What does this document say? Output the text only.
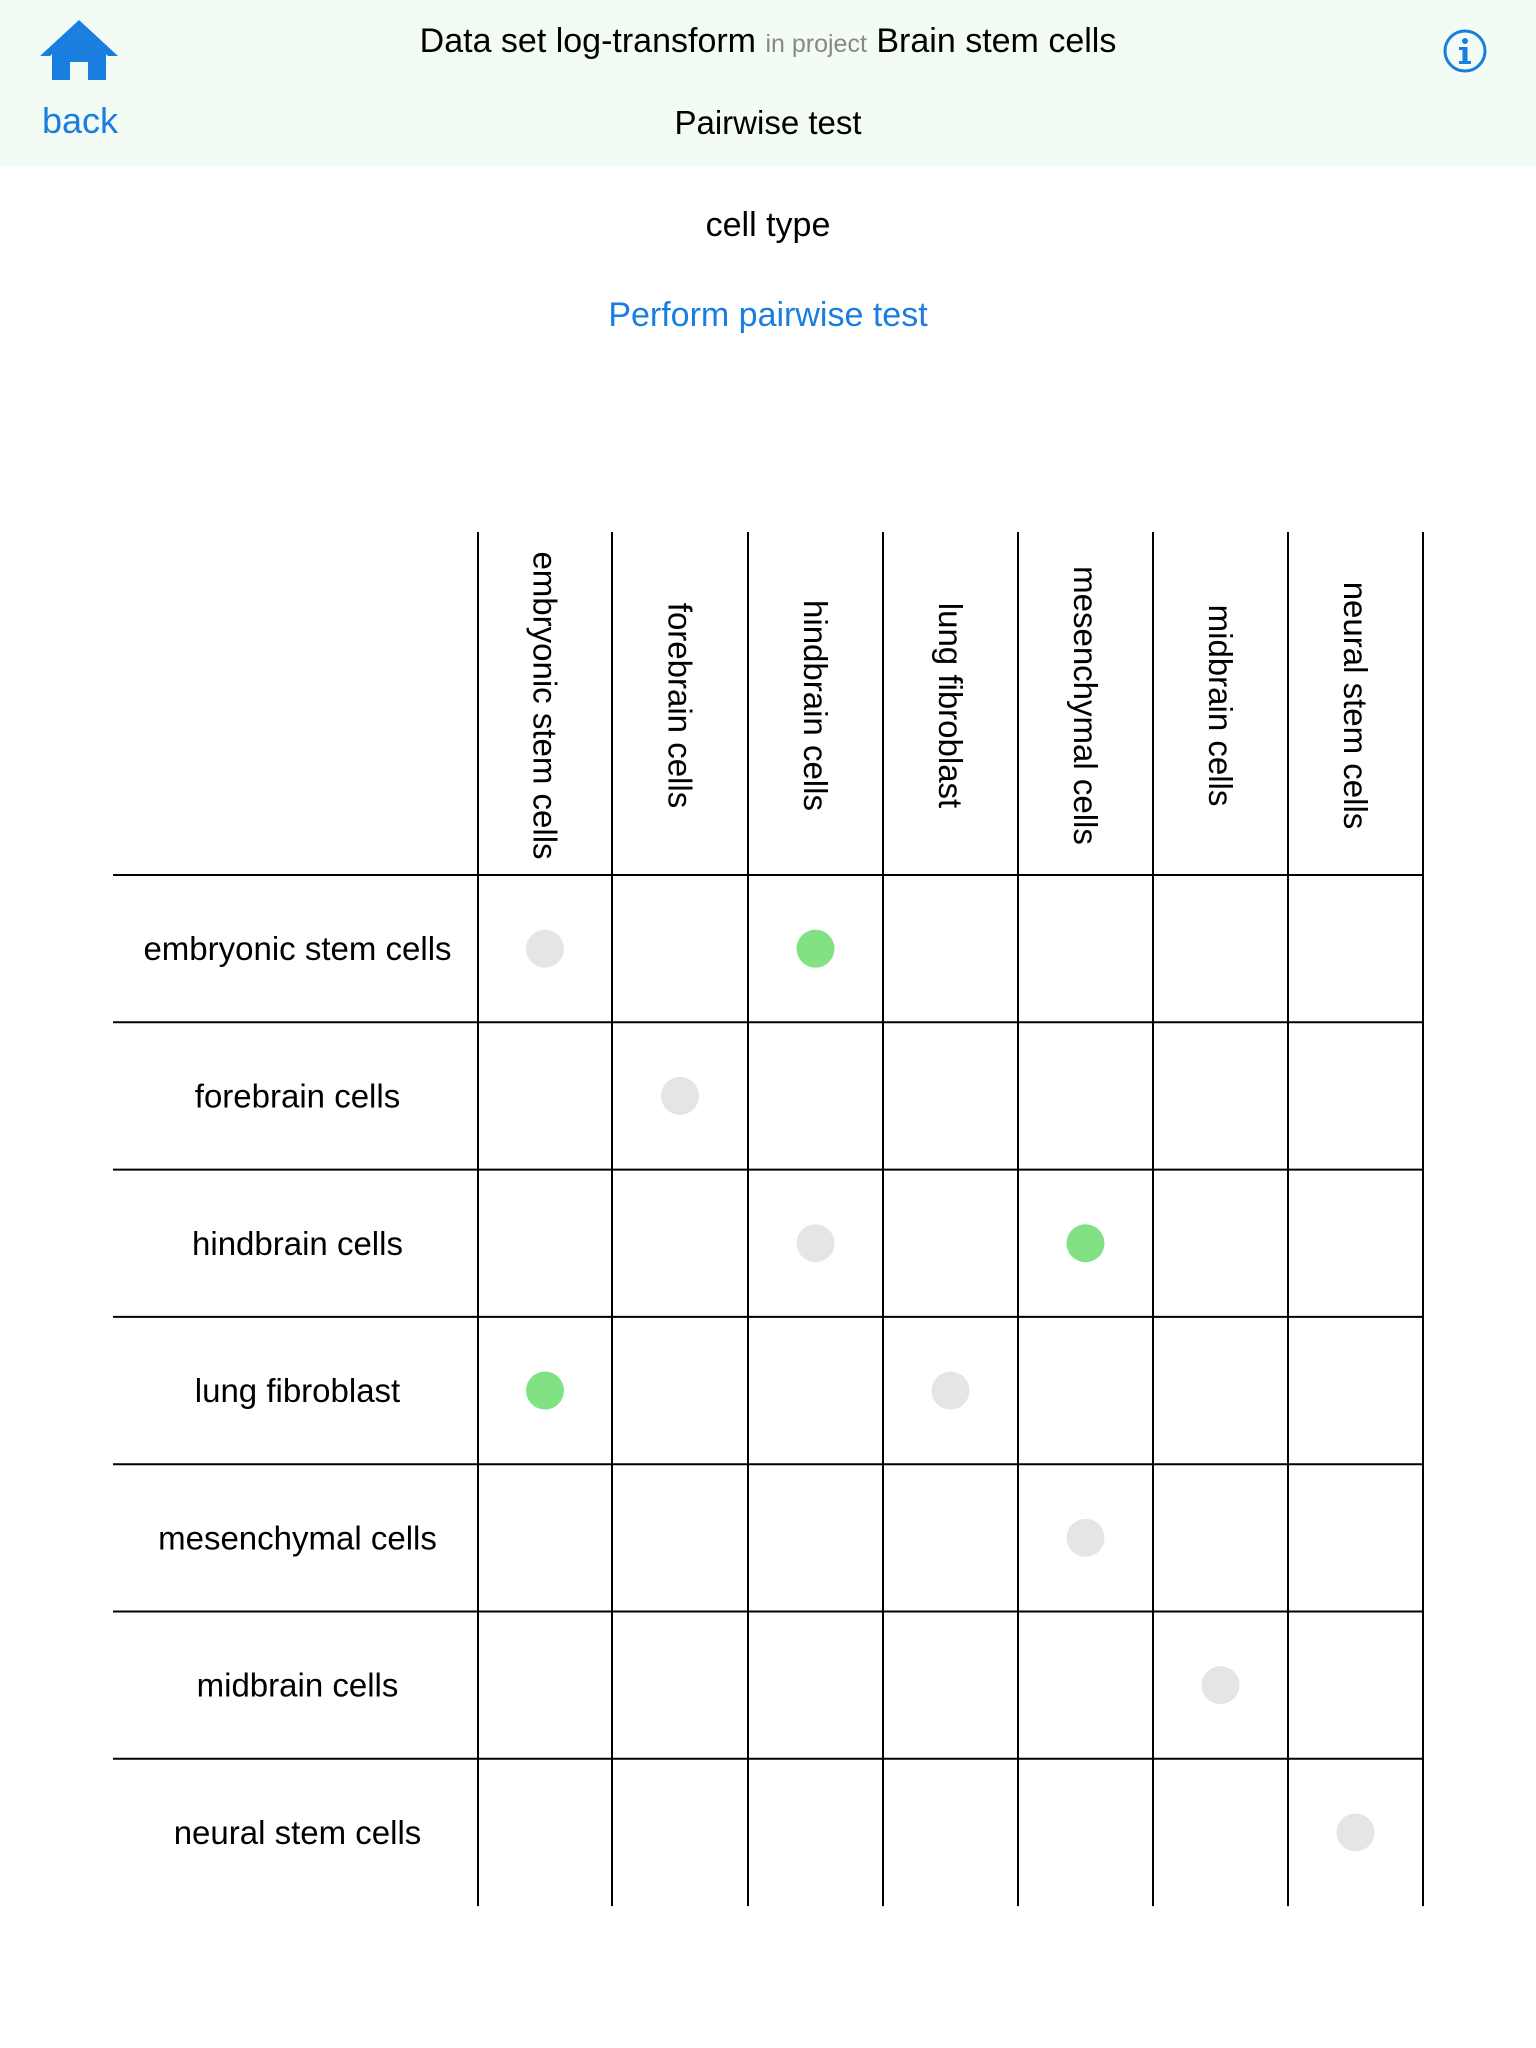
back
Data set log-transform in project Brain stem cells
Pairwise test
cell type
Perform pairwise test
embryonic stem cells	forebrain cells	hindbrain cells	lung fibroblast	mesenchymal cells	midbrain cells	neural stem cells
embryonic stem cells
forebrain cells
hindbrain cells
lung fibroblast
mesenchymal cells
midbrain cells
neural stem cells
